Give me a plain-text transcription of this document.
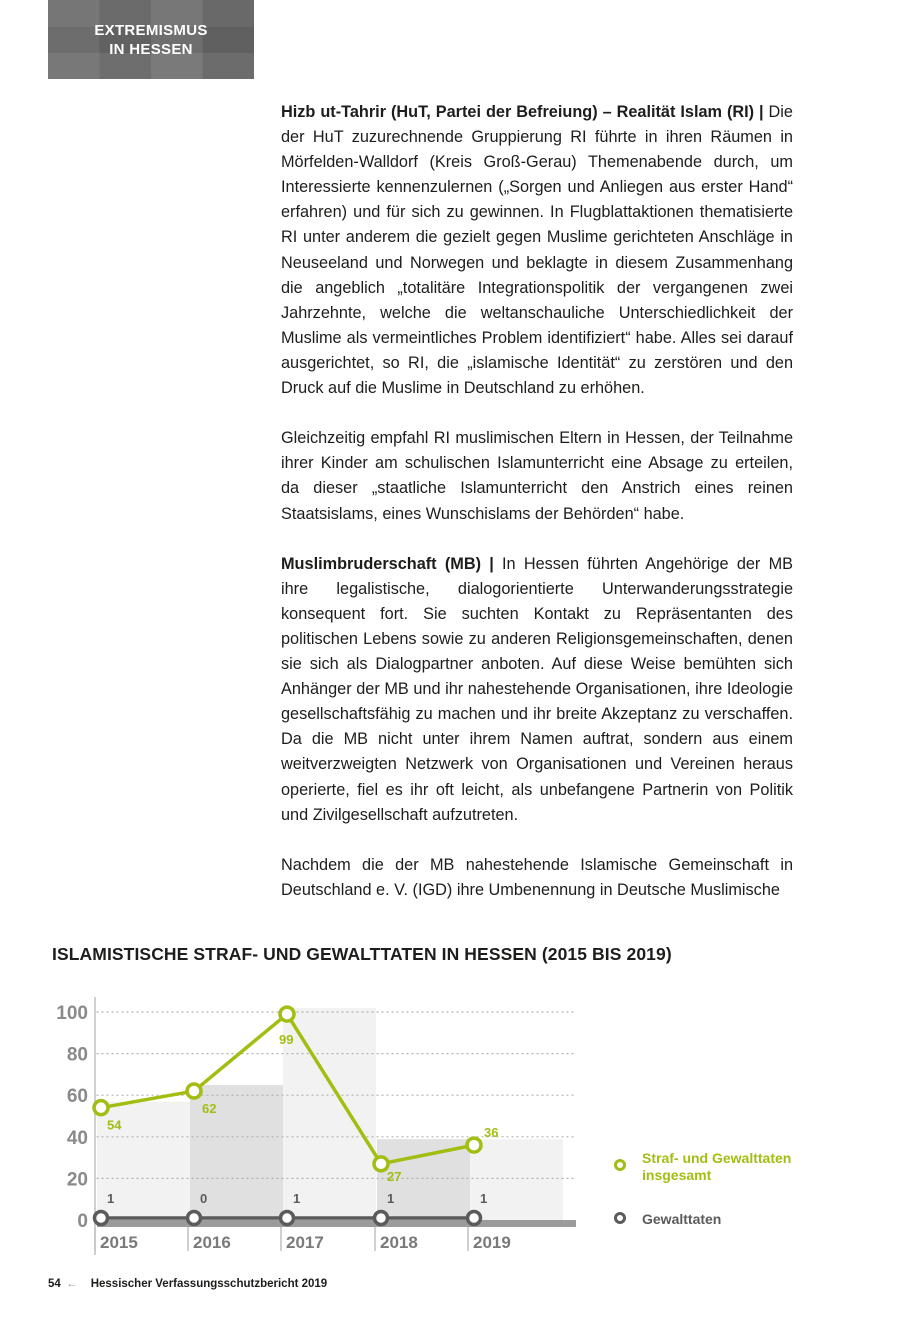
EXTREMISMUS
IN HESSEN

Hizb ut-Tahrir (HuT, Partei der Befreiung) – Realität Islam (RI) | Die der HuT zuzurechnende Gruppierung RI führte in ihren Räumen in Mörfelden-Walldorf (Kreis Groß-Gerau) Themenabende durch, um Interessierte kennenzulernen („Sorgen und Anliegen aus erster Hand“ erfahren) und für sich zu gewinnen. In Flugblattaktionen thematisierte RI unter anderem die gezielt gegen Muslime gerichteten Anschläge in Neuseeland und Norwegen und beklagte in diesem Zusammenhang die angeblich „totalitäre Integrationspolitik der vergangenen zwei Jahrzehnte, welche die weltanschauliche Unterschiedlichkeit der Muslime als vermeintliches Problem identifiziert“ habe. Alles sei darauf ausgerichtet, so RI, die „islamische Identität“ zu zerstören und den Druck auf die Muslime in Deutschland zu erhöhen.

Gleichzeitig empfahl RI muslimischen Eltern in Hessen, der Teilnahme ihrer Kinder am schulischen Islamunterricht eine Absage zu erteilen, da dieser „staatliche Islamunterricht den Anstrich eines reinen Staatsislams, eines Wunschislams der Behörden“ habe.

Muslimbruderschaft (MB) | In Hessen führten Angehörige der MB ihre legalistische, dialogorientierte Unterwanderungsstrategie konsequent fort. Sie suchten Kontakt zu Repräsentanten des politischen Lebens sowie zu anderen Religionsgemeinschaften, denen sie sich als Dialogpartner anboten. Auf diese Weise bemühten sich Anhänger der MB und ihr nahestehende Organisationen, ihre Ideologie gesellschaftsfähig zu machen und ihr breite Akzeptanz zu verschaffen. Da die MB nicht unter ihrem Namen auftrat, sondern aus einem weitverzweigten Netzwerk von Organisationen und Vereinen heraus operierte, fiel es ihr oft leicht, als unbefangene Partnerin von Politik und Zivilgesellschaft aufzutreten.

Nachdem die der MB nahestehende Islamische Gemeinschaft in Deutschland e. V. (IGD) ihre Umbenennung in Deutsche Muslimische

ISLAMISTISCHE STRAF- UND GEWALTTATEN IN HESSEN (2015 BIS 2019)
0
20
40
60
80
100
2015	2016	2017	2018	2019
54
62
99
27
36
1	0	1	1	1
Straf- und Gewalttaten insgesamt
Gewalttaten
54 ← Hessischer Verfassungsschutzbericht 2019
